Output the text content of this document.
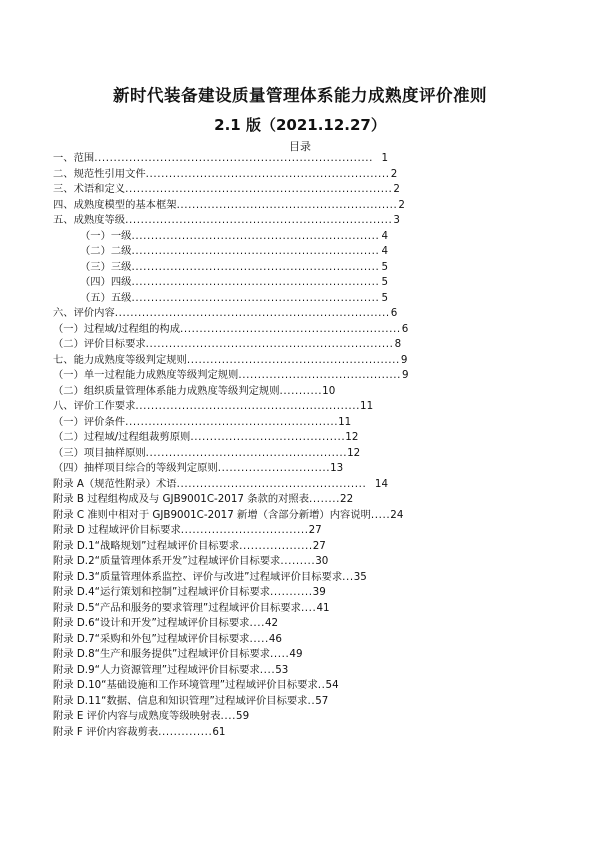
新时代装备建设质量管理体系能力成熟度评价准则
2.1 版（2021.12.27）
目录
一、范围 ........................................................................ 1
二、规范性引用文件 ............................................................... 2
三、术语和定义 ..................................................................... 2
四、成熟度模型的基本框架 ......................................................... 2
五、成熟度等级 ..................................................................... 3
（一）一级 ................................................................ 4
（二）二级 ................................................................ 4
（三）三级 ................................................................ 5
（四）四级 ................................................................ 5
（五）五级 ................................................................ 5
六、评价内容 ....................................................................... 6
（一）过程域/过程组的构成 ......................................................... 6
（二）评价目标要求 ................................................................ 8
七、能力成熟度等级判定规则 ....................................................... 9
（一）单一过程能力成熟度等级判定规则 .......................................... 9
（二）组织质量管理体系能力成熟度等级判定规则...........10
八、评价工作要求..........................................................11
（一）评价条件.......................................................11
（二）过程域/过程组裁剪原则........................................12
（三）项目抽样原则....................................................12
（四）抽样项目综合的等级判定原则.............................13
附录 A（规范性附录）术语 ................................................. 14
附录 B 过程组构成及与 GJB9001C-2017 条款的对照表........22
附录 C 准则中相对于 GJB9001C-2017 新增（含部分新增）内容说明.....24
附录 D 过程域评价目标要求.................................27
附录 D.1“战略规划”过程域评价目标要求...................27
附录 D.2“质量管理体系开发”过程域评价目标要求.........30
附录 D.3“质量管理体系监控、评价与改进”过程域评价目标要求...35
附录 D.4“运行策划和控制”过程域评价目标要求...........39
附录 D.5“产品和服务的要求管理”过程域评价目标要求....41
附录 D.6“设计和开发”过程域评价目标要求....42
附录 D.7“采购和外包”过程域评价目标要求.....46
附录 D.8“生产和服务提供”过程域评价目标要求.....49
附录 D.9“人力资源管理”过程域评价目标要求....53
附录 D.10“基础设施和工作环境管理”过程域评价目标要求..54
附录 D.11“数据、信息和知识管理”过程域评价目标要求..57
附录 E 评价内容与成熟度等级映射表....59
附录 F 评价内容裁剪表..............61
